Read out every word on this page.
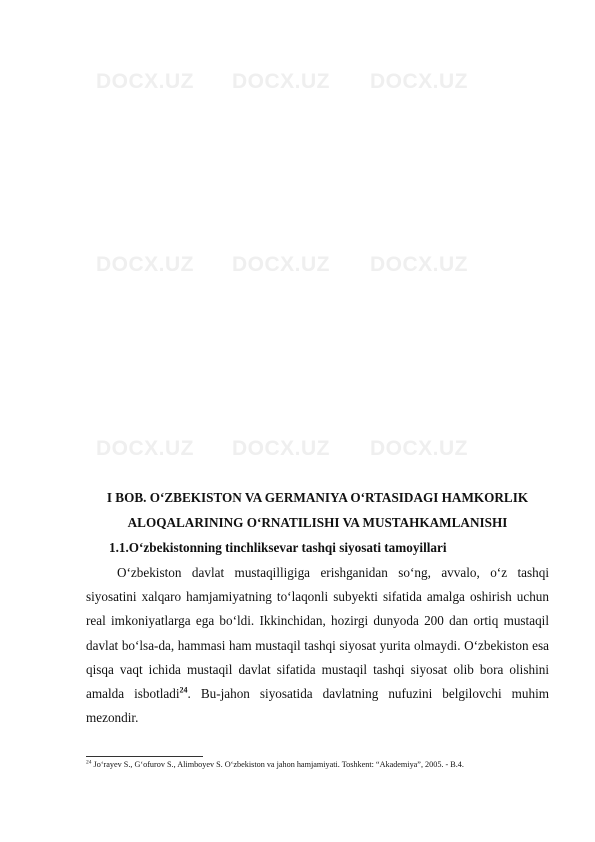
DOCX.UZ DOCX.UZ DOCX.UZ
DOCX.UZ DOCX.UZ DOCX.UZ
DOCX.UZ DOCX.UZ DOCX.UZ
I BOB. O‘ZBEKISTON VA GERMANIYA O‘RTASIDAGI HAMKORLIK
ALOQALARINING O‘RNATILISHI VA MUSTAHKAMLANISHI
1.1.O‘zbekistonning tinchliksevar tashqi siyosati tamoyillari

O‘zbekiston davlat mustaqilligiga erishganidan so‘ng, avvalo, o‘z tashqi siyosatini xalqaro hamjamiyatning to‘laqonli subyekti sifatida amalga oshirish uchun real imkoniyatlarga ega bo‘ldi. Ikkinchidan, hozirgi dunyoda 200 dan ortiq mustaqil davlat bo‘lsa-da, hammasi ham mustaqil tashqi siyosat yurita olmaydi. O‘zbekiston esa qisqa vaqt ichida mustaqil davlat sifatida mustaqil tashqi siyosat olib bora olishini amalda isbotladi$^{24}$. Bu-jahon siyosatida davlatning nufuzini belgilovchi muhim mezondir.

$^{24}$ Jo‘rayev S., G‘ofurov S., Alimboyev S. O‘zbekiston va jahon hamjamiyati. Toshkent: “Akademiya”, 2005. - B.4.
